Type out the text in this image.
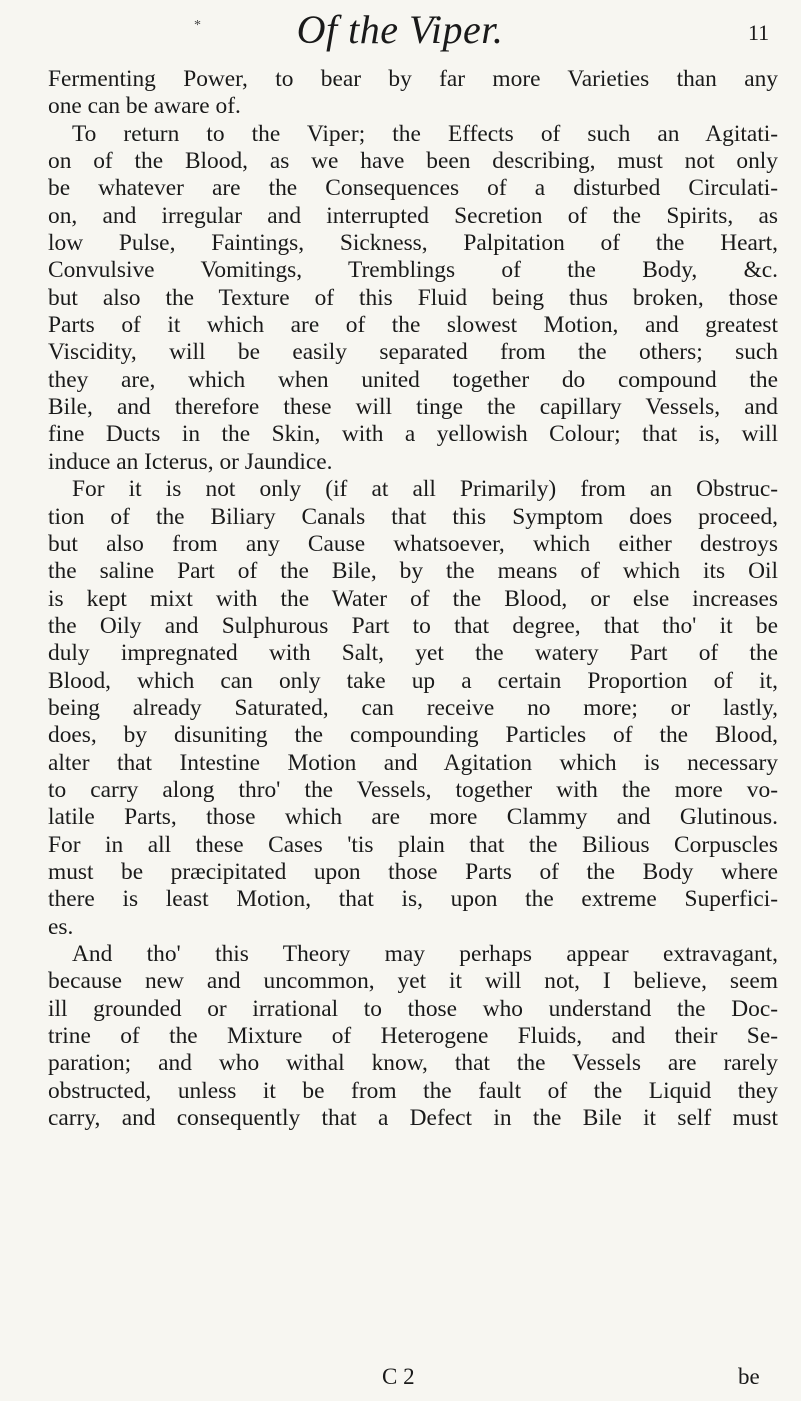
*	Of the Viper.	11
Fermenting Power, to bear by far more Varieties than any
one can be aware of.
To return to the Viper; the Effects of such an Agitati-
on of the Blood, as we have been describing, must not only
be whatever are the Consequences of a disturbed Circulati-
on, and irregular and interrupted Secretion of the Spirits, as
low Pulse, Faintings, Sickness, Palpitation of the Heart,
Convulsive Vomitings, Tremblings of the Body, &c.
but also the Texture of this Fluid being thus broken, those
Parts of it which are of the slowest Motion, and greatest
Viscidity, will be easily separated from the others; such
they are, which when united together do compound the
Bile, and therefore these will tinge the capillary Vessels, and
fine Ducts in the Skin, with a yellowish Colour; that is, will
induce an Icterus, or Jaundice.
For it is not only (if at all Primarily) from an Obstruc-
tion of the Biliary Canals that this Symptom does proceed,
but also from any Cause whatsoever, which either destroys
the saline Part of the Bile, by the means of which its Oil
is kept mixt with the Water of the Blood, or else increases
the Oily and Sulphurous Part to that degree, that tho' it be
duly impregnated with Salt, yet the watery Part of the
Blood, which can only take up a certain Proportion of it,
being already Saturated, can receive no more; or lastly,
does, by disuniting the compounding Particles of the Blood,
alter that Intestine Motion and Agitation which is necessary
to carry along thro' the Vessels, together with the more vo-
latile Parts, those which are more Clammy and Glutinous.
For in all these Cases 'tis plain that the Bilious Corpuscles
must be præcipitated upon those Parts of the Body where
there is least Motion, that is, upon the extreme Superfici-
es.
And tho' this Theory may perhaps appear extravagant,
because new and uncommon, yet it will not, I believe, seem
ill grounded or irrational to those who understand the Doc-
trine of the Mixture of Heterogene Fluids, and their Se-
paration; and who withal know, that the Vessels are rarely
obstructed, unless it be from the fault of the Liquid they
carry, and consequently that a Defect in the Bile it self must
C 2	be
